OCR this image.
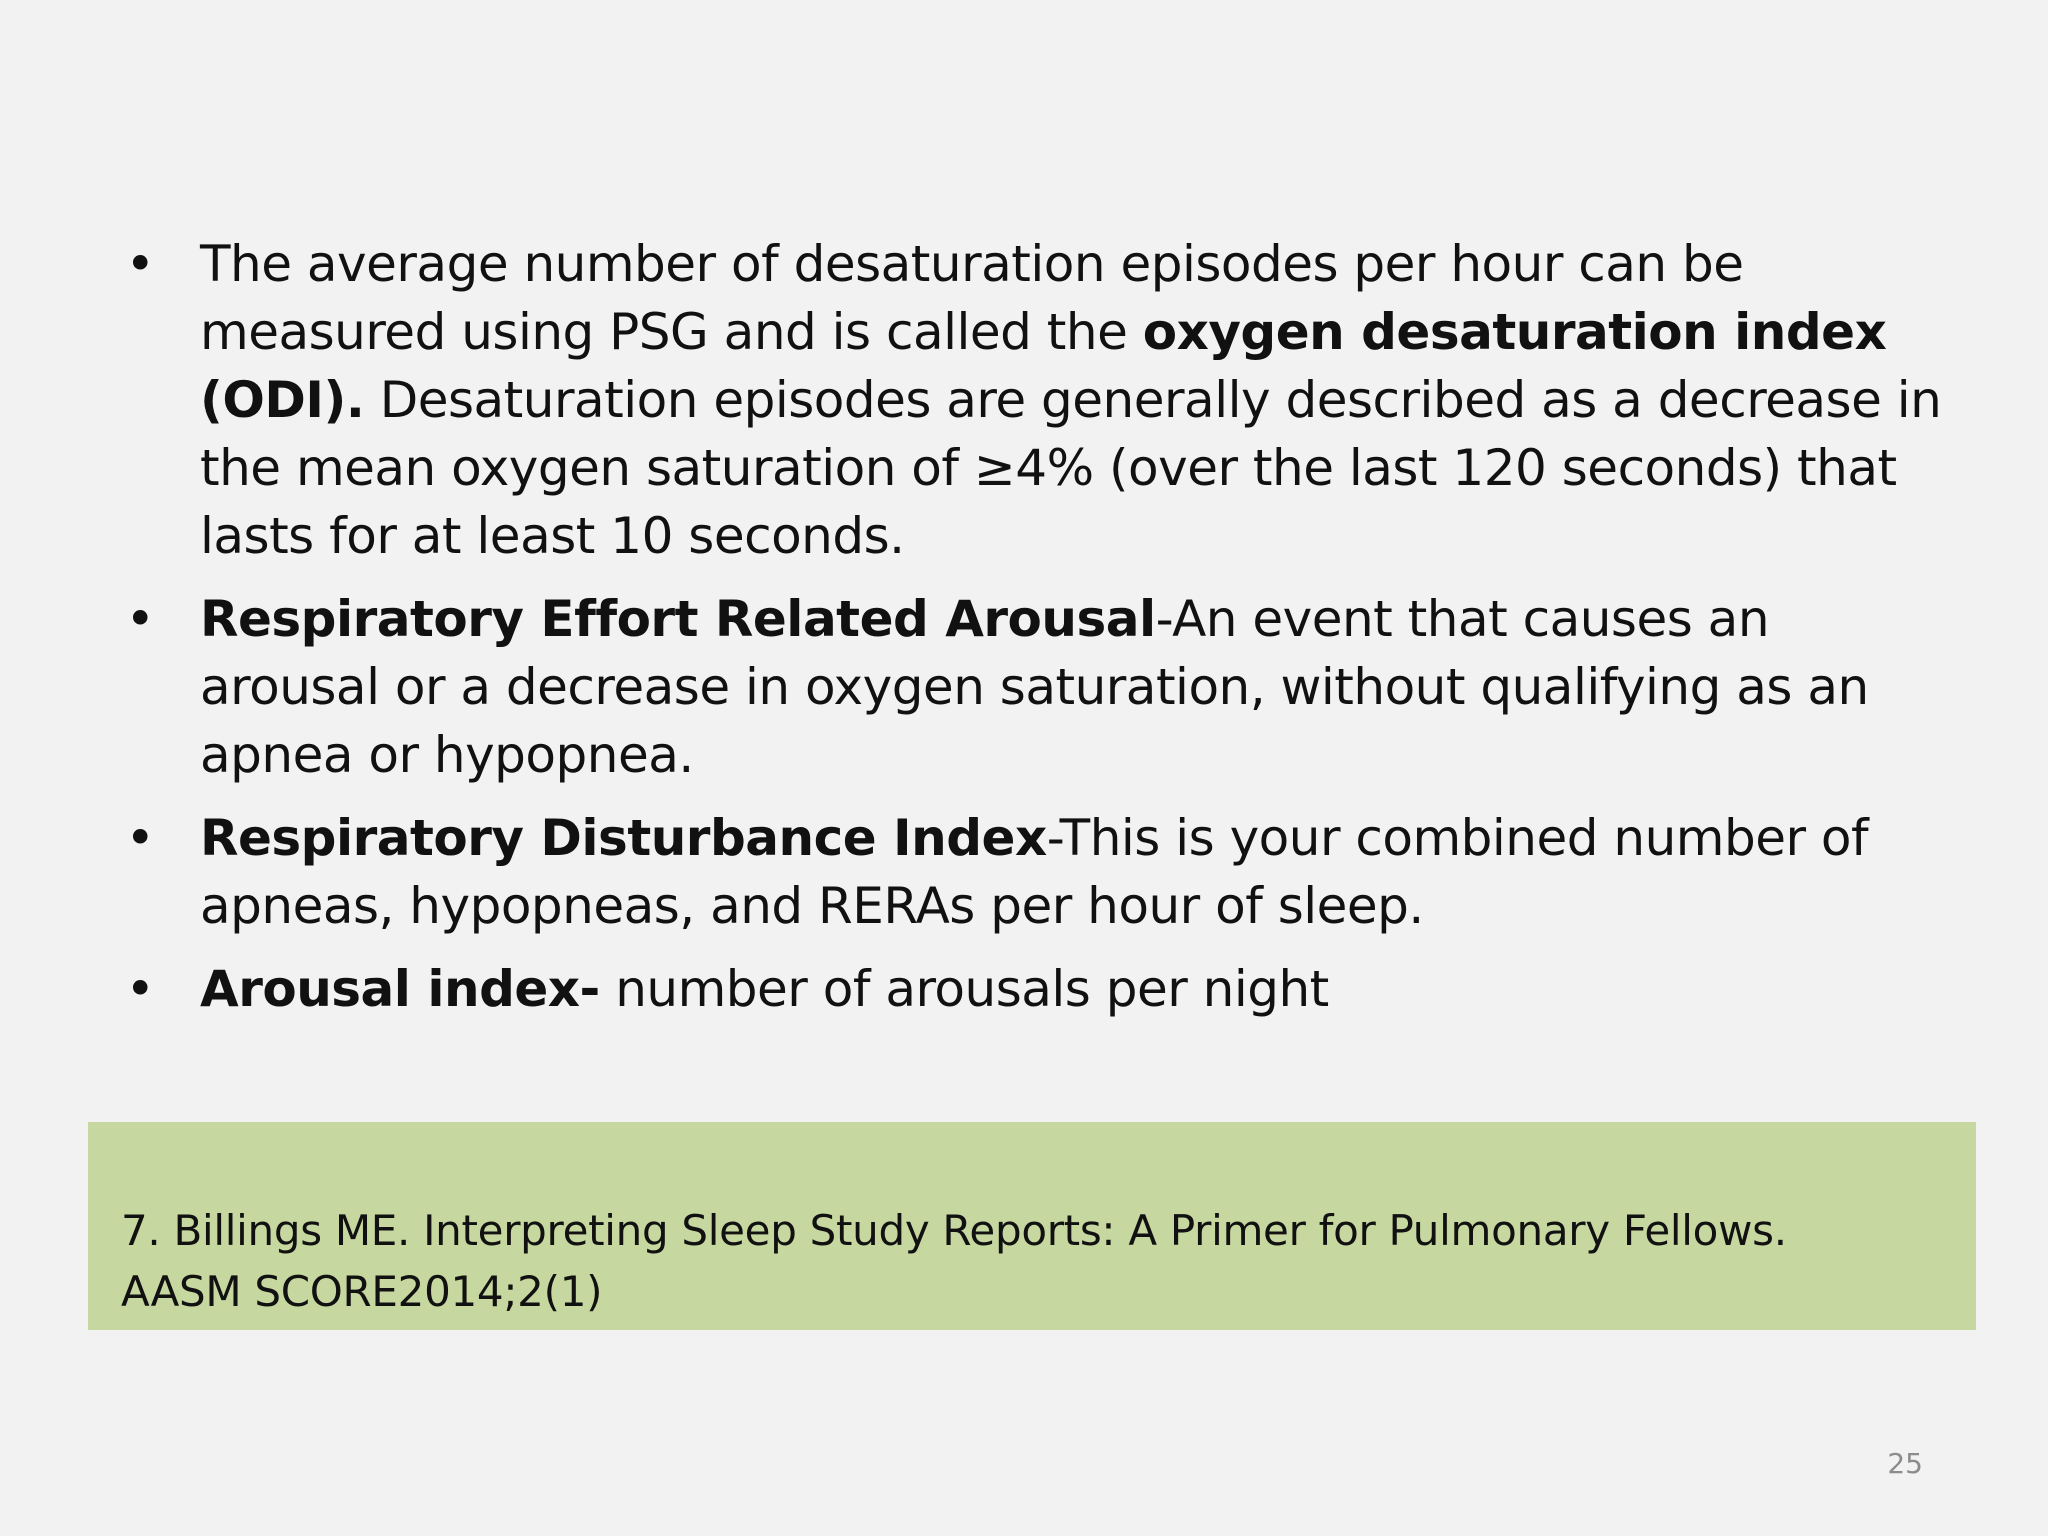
• The average number of desaturation episodes per hour can be measured using PSG and is called the oxygen desaturation index (ODI). Desaturation episodes are generally described as a decrease in the mean oxygen saturation of ≥4% (over the last 120 seconds) that lasts for at least 10 seconds.
• Respiratory Effort Related Arousal-An event that causes an arousal or a decrease in oxygen saturation, without qualifying as an apnea or hypopnea.
• Respiratory Disturbance Index-This is your combined number of apneas, hypopneas, and RERAs per hour of sleep.
• Arousal index- number of arousals per night
7. Billings ME. Interpreting Sleep Study Reports: A Primer for Pulmonary Fellows.
AASM SCORE2014;2(1)
25
